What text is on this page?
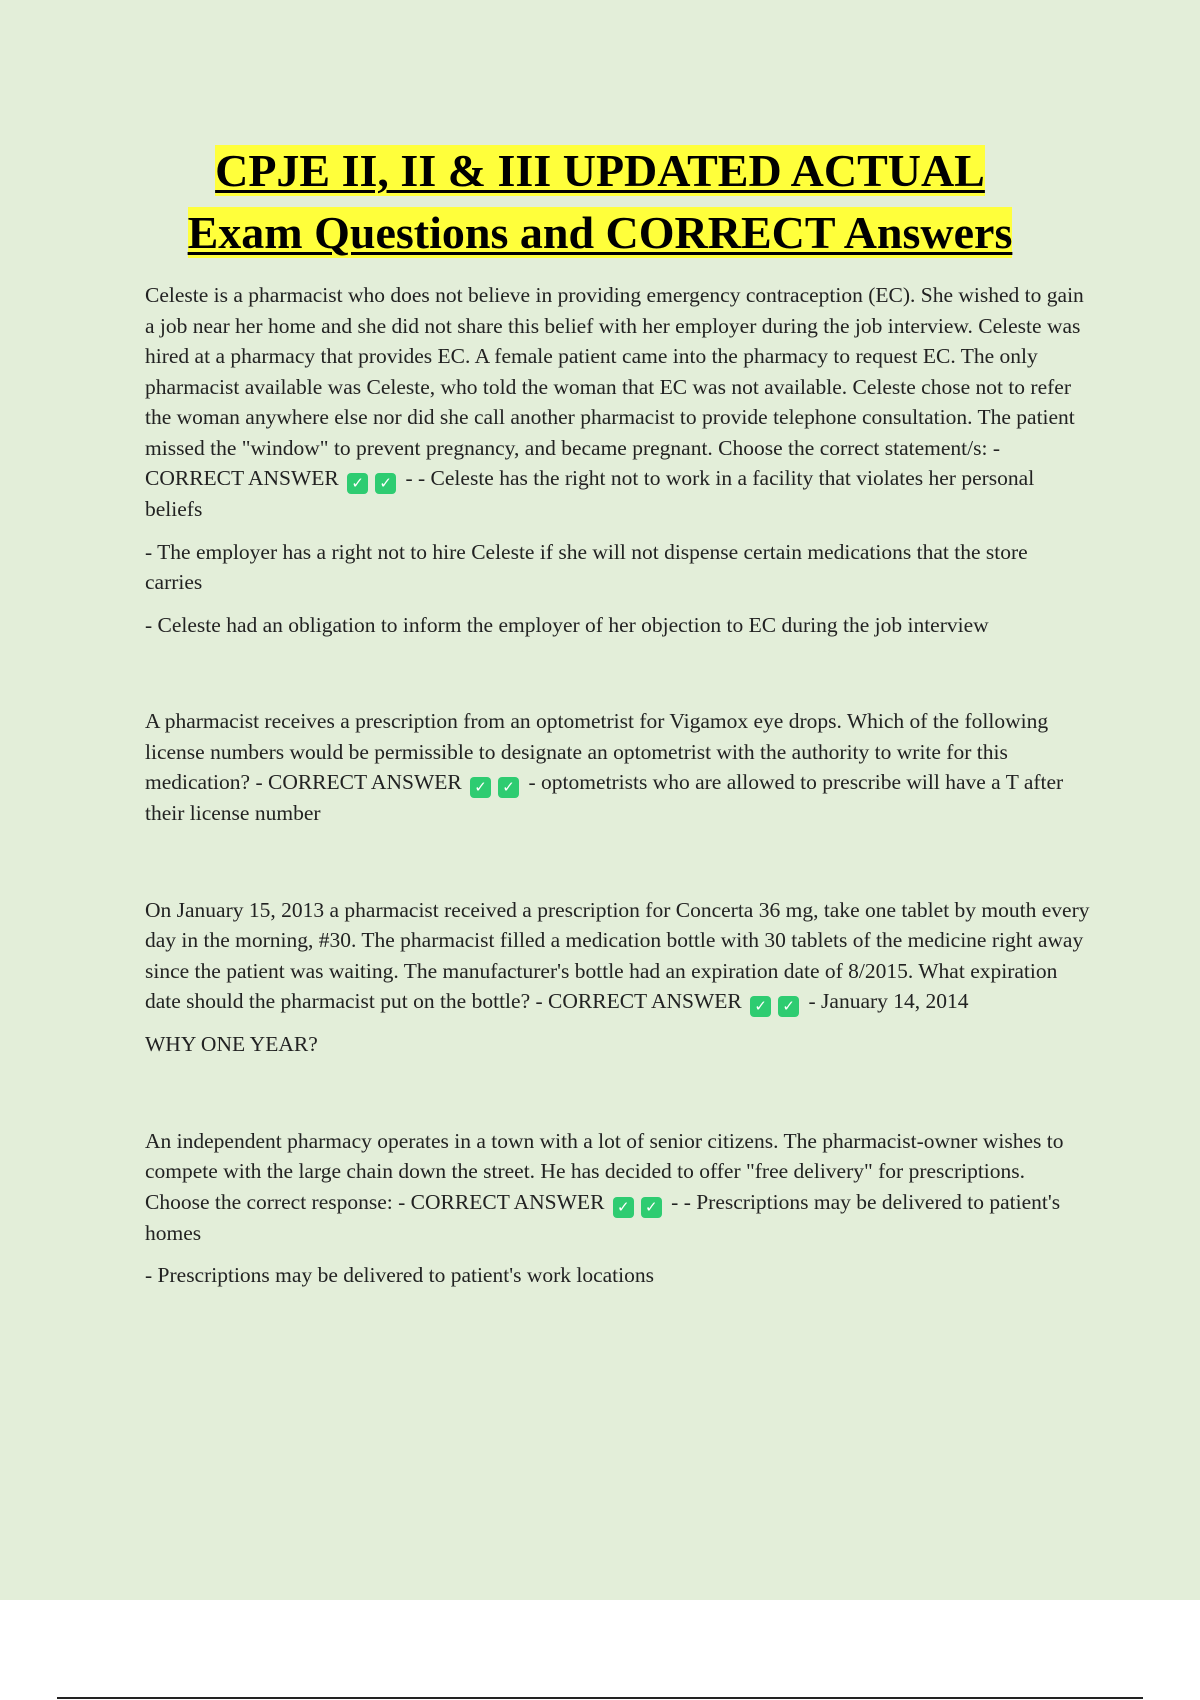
CPJE II, II & III UPDATED ACTUAL
Exam Questions and CORRECT Answers

Celeste is a pharmacist who does not believe in providing emergency contraception (EC). She wished to gain a job near her home and she did not share this belief with her employer during the job interview. Celeste was hired at a pharmacy that provides EC. A female patient came into the pharmacy to request EC. The only pharmacist available was Celeste, who told the woman that EC was not available. Celeste chose not to refer the woman anywhere else nor did she call another pharmacist to provide telephone consultation. The patient missed the "window" to prevent pregnancy, and became pregnant. Choose the correct statement/s: - CORRECT ANSWER ✓ ✓ - - Celeste has the right not to work in a facility that violates her personal beliefs

- The employer has a right not to hire Celeste if she will not dispense certain medications that the store carries

- Celeste had an obligation to inform the employer of her objection to EC during the job interview

A pharmacist receives a prescription from an optometrist for Vigamox eye drops. Which of the following license numbers would be permissible to designate an optometrist with the authority to write for this medication? - CORRECT ANSWER ✓ ✓ - optometrists who are allowed to prescribe will have a T after their license number

On January 15, 2013 a pharmacist received a prescription for Concerta 36 mg, take one tablet by mouth every day in the morning, #30. The pharmacist filled a medication bottle with 30 tablets of the medicine right away since the patient was waiting. The manufacturer's bottle had an expiration date of 8/2015. What expiration date should the pharmacist put on the bottle? - CORRECT ANSWER ✓ ✓ - January 14, 2014

WHY ONE YEAR?

An independent pharmacy operates in a town with a lot of senior citizens. The pharmacist-owner wishes to compete with the large chain down the street. He has decided to offer "free delivery" for prescriptions. Choose the correct response: - CORRECT ANSWER ✓ ✓ - - Prescriptions may be delivered to patient's homes

- Prescriptions may be delivered to patient's work locations
